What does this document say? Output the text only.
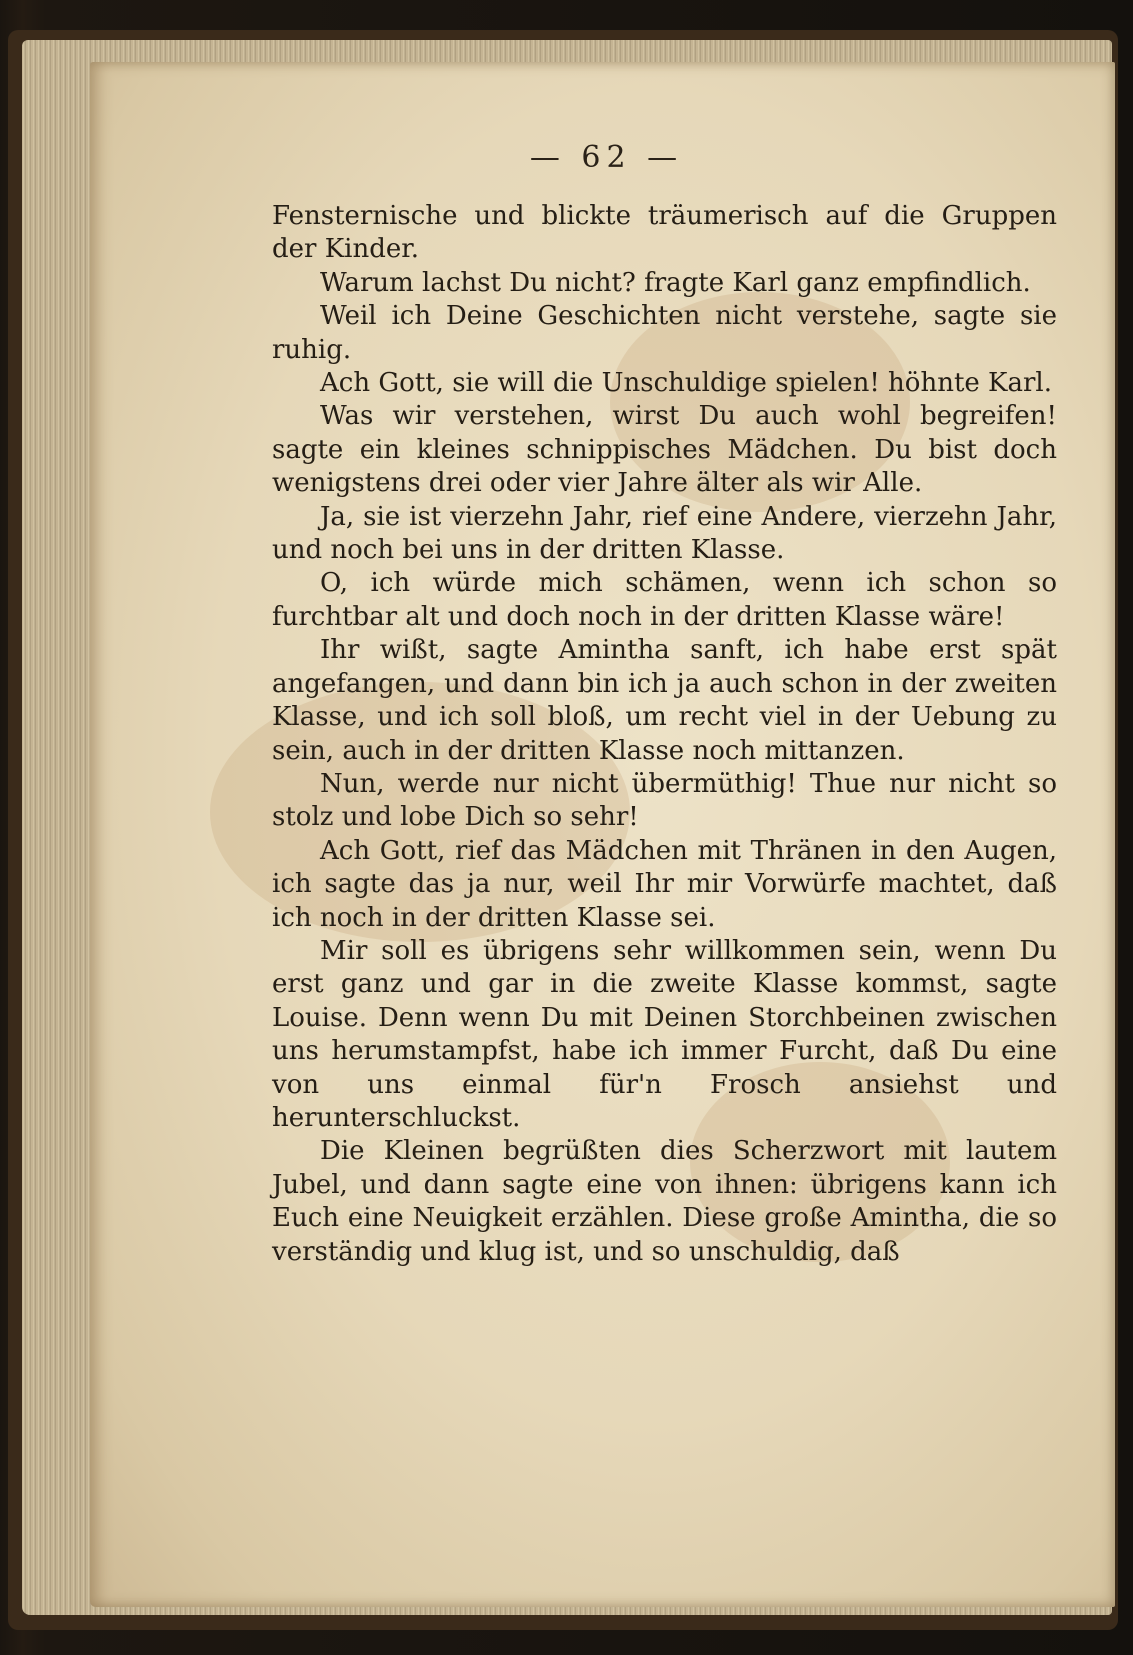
— 62 —

Fensternische und blickte träumerisch auf die Gruppen der Kinder.

Warum lachst Du nicht? fragte Karl ganz empfindlich.

Weil ich Deine Geschichten nicht verstehe, sagte sie ruhig.

Ach Gott, sie will die Unschuldige spielen! höhnte Karl.

Was wir verstehen, wirst Du auch wohl begreifen! sagte ein kleines schnippisches Mädchen. Du bist doch wenigstens drei oder vier Jahre älter als wir Alle.

Ja, sie ist vierzehn Jahr, rief eine Andere, vierzehn Jahr, und noch bei uns in der dritten Klasse.

O, ich würde mich schämen, wenn ich schon so furchtbar alt und doch noch in der dritten Klasse wäre!

Ihr wißt, sagte Amintha sanft, ich habe erst spät angefangen, und dann bin ich ja auch schon in der zweiten Klasse, und ich soll bloß, um recht viel in der Uebung zu sein, auch in der dritten Klasse noch mittanzen.

Nun, werde nur nicht übermüthig! Thue nur nicht so stolz und lobe Dich so sehr!

Ach Gott, rief das Mädchen mit Thränen in den Augen, ich sagte das ja nur, weil Ihr mir Vorwürfe machtet, daß ich noch in der dritten Klasse sei.

Mir soll es übrigens sehr willkommen sein, wenn Du erst ganz und gar in die zweite Klasse kommst, sagte Louise. Denn wenn Du mit Deinen Storchbeinen zwischen uns herumstampfst, habe ich immer Furcht, daß Du eine von uns einmal für'n Frosch ansiehst und herunterschluckst.

Die Kleinen begrüßten dies Scherzwort mit lautem Jubel, und dann sagte eine von ihnen: übrigens kann ich Euch eine Neuigkeit erzählen. Diese große Amintha, die so verständig und klug ist, und so unschuldig, daß
